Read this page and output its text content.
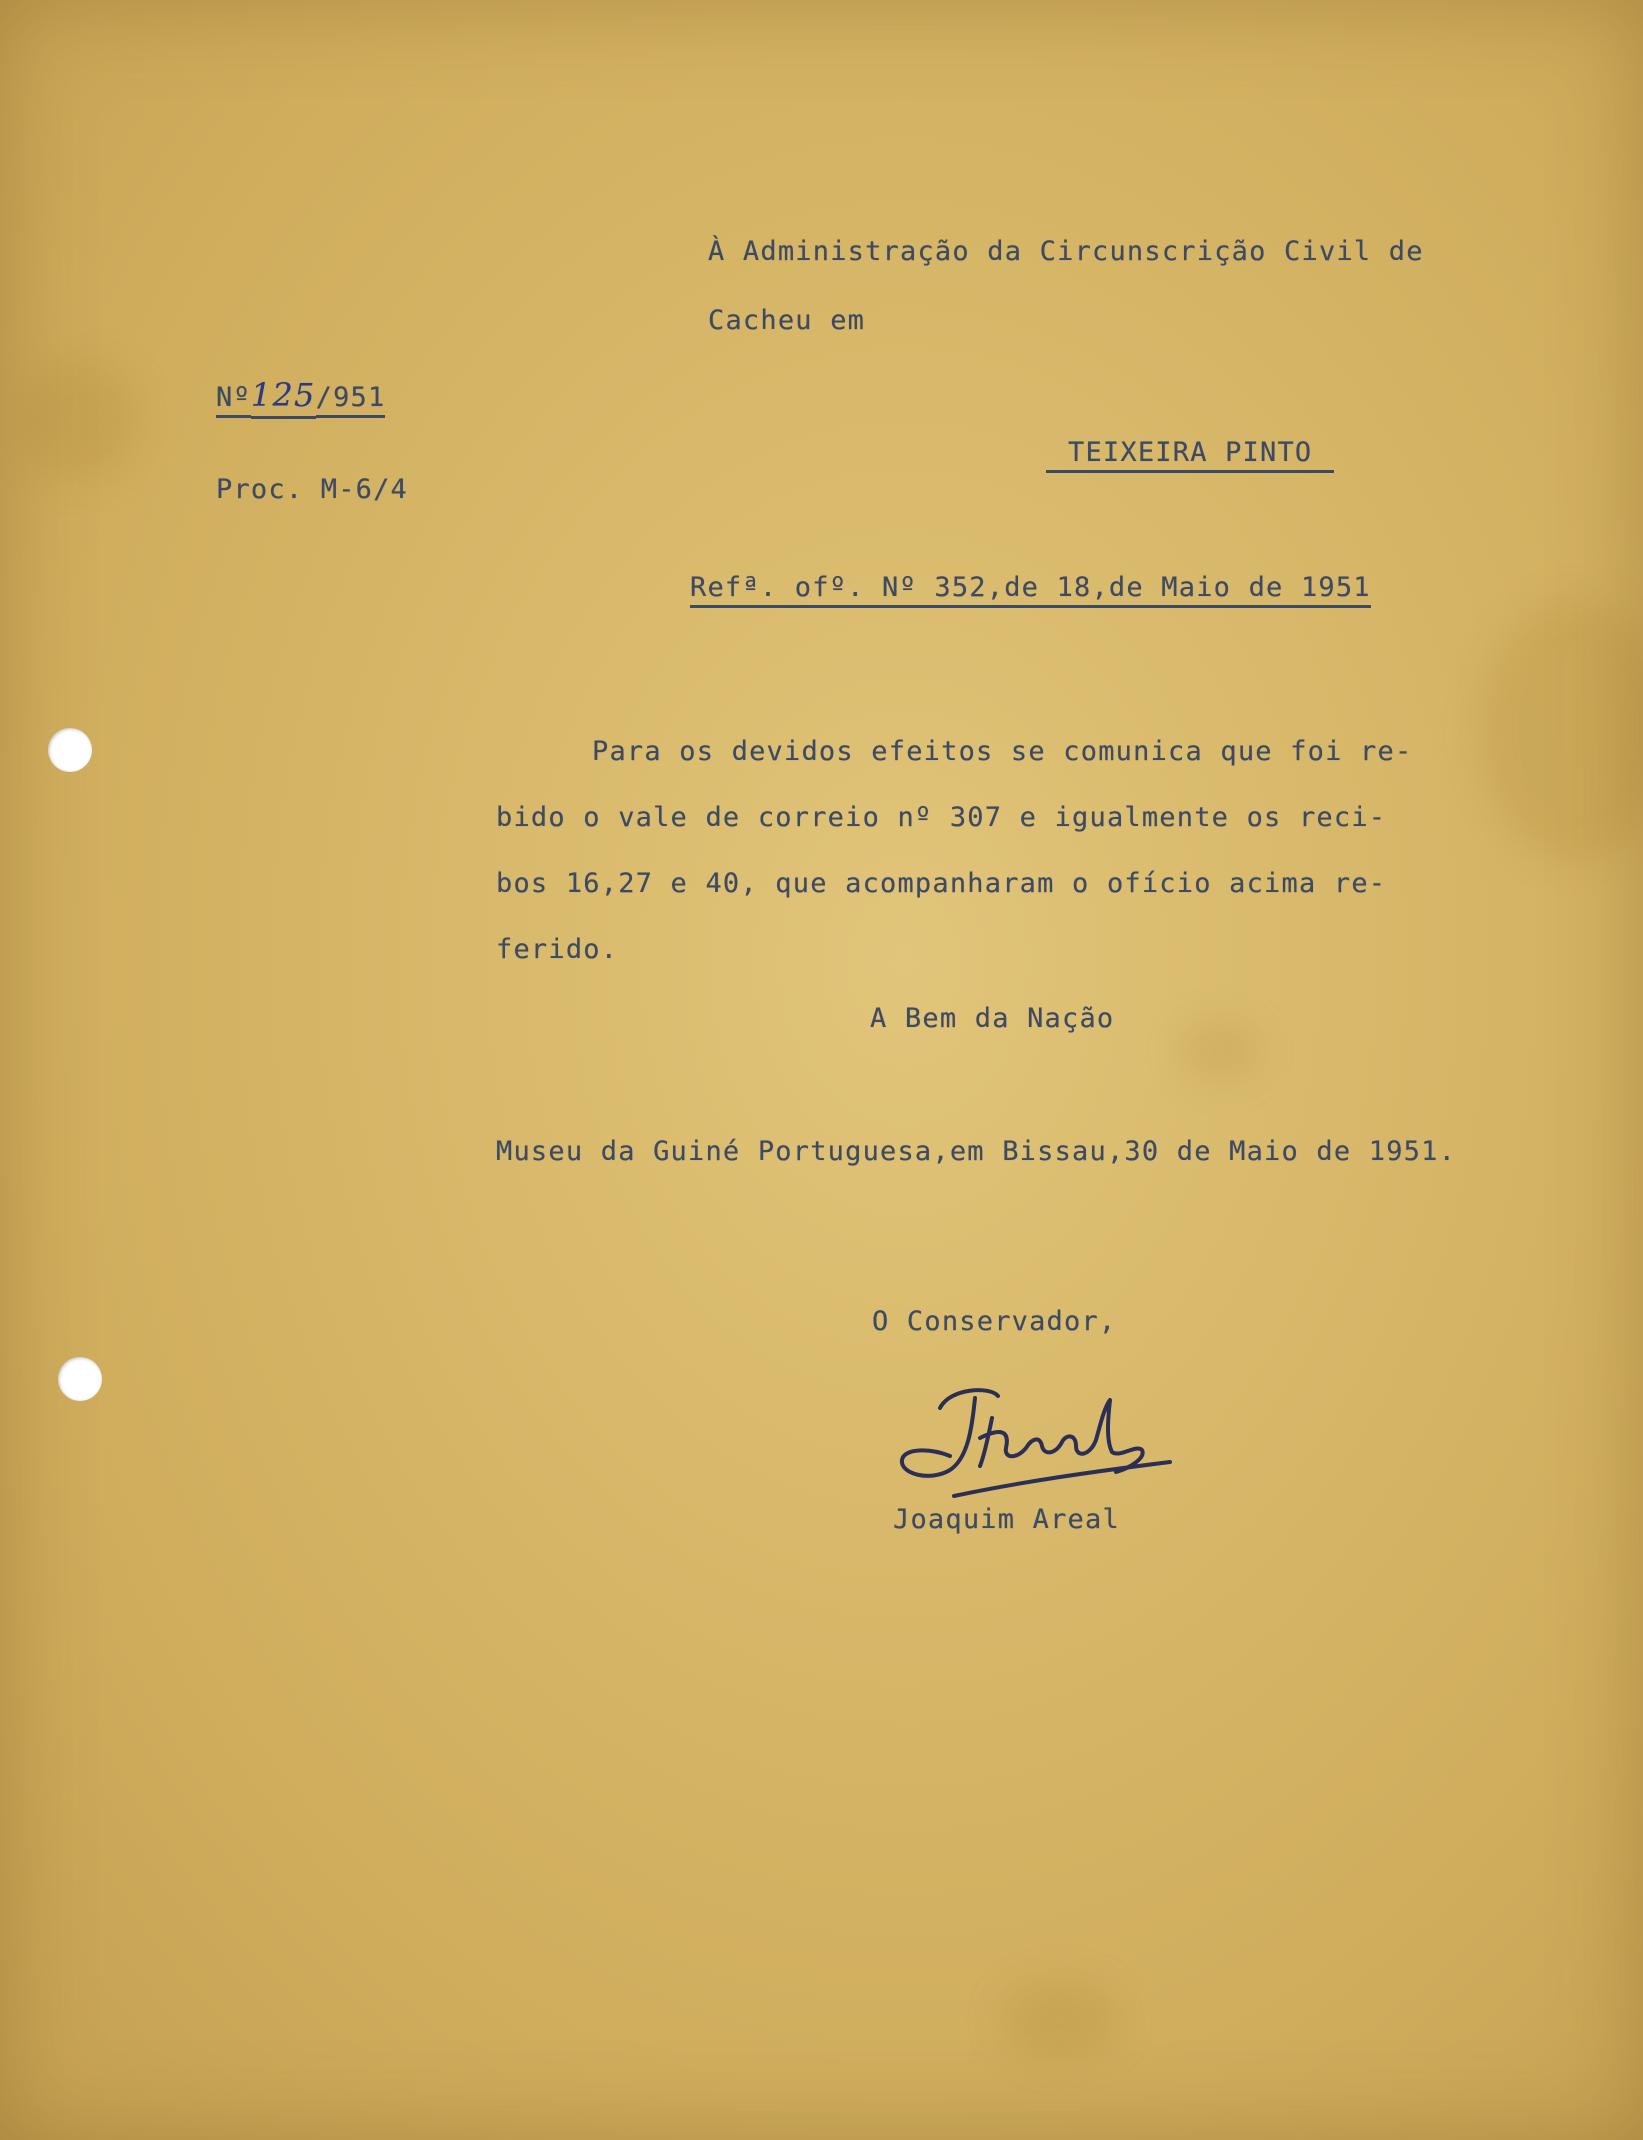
À Administração da Circunscrição Civil de
Cacheu em
Nº125/951
Proc. M-6/4
TEIXEIRA PINTO
Refª. ofº. Nº 352,de 18,de Maio de 1951
Para os devidos efeitos se comunica que foi re-
bido o vale de correio nº 307 e igualmente os reci-
bos 16,27 e 40, que acompanharam o ofício acima re-
ferido.
A Bem da Nação
Museu da Guiné Portuguesa,em Bissau,30 de Maio de 1951.
O Conservador,
Joaquim Areal
